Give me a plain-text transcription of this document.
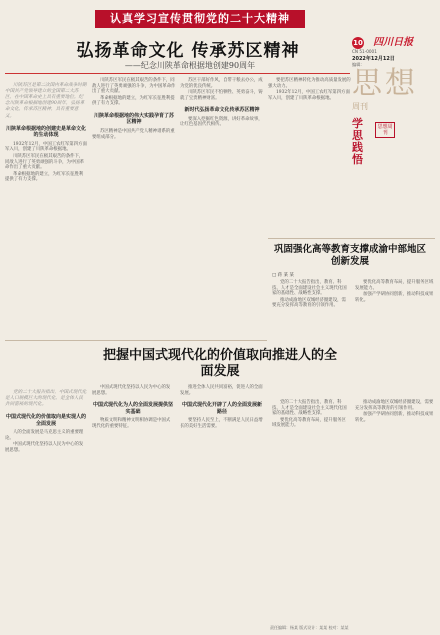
认真学习宣传贯彻党的二十大精神
弘扬革命文化 传承苏区精神
——纪念川陕革命根据地创建90周年

川陕苏区是第二次国内革命战争时期中国共产党领导建立的全国第二大苏区，在中国革命史上具有重要地位。纪念川陕革命根据地创建90周年，弘扬革命文化，传承苏区精神，具有重要意义。

川陕革命根据地的创建史是革命文化的生动体现

1932年12月，中国工农红军第四方面军入川，创建了川陕革命根据地。

川陕苏区军民在极其艰苦的条件下，同敌人进行了英勇顽强的斗争，为中国革命作出了重大贡献。

革命根据地的建立，为红军长征胜利提供了有力支撑。

川陕苏区军民在极其艰苦的条件下，同敌人进行了英勇顽强的斗争，为中国革命作出了重大贡献。

革命根据地的建立，为红军长征胜利提供了有力支撑。

川陕革命根据地的伟大实践孕育了苏区精神

苏区精神是中国共产党人精神谱系的重要组成部分。

苏区干部好作风，自带干粮去办公，成为党的优良传统。

川陕苏区军民不怕牺牲、英勇奋斗，铸就了宝贵精神财富。

新时代弘扬革命文化传承苏区精神

要深入挖掘红色资源，讲好革命故事，让红色基因代代相传。

要把苏区精神转化为推动高质量发展的强大动力。

1932年12月，中国工农红军第四方面军入川，创建了川陕革命根据地。

10 四川日报
CN 51-0001
2022年12月12日
编辑：
思想
周刊
学思践悟 思想周刊
巩固强化高等教育支撑成渝中部地区创新发展
□ 蒋 某 某

党的二十大报告指出，教育、科技、人才是全面建设社会主义现代化国家的基础性、战略性支撑。

推动成渝地区双城经济圈建设，需要充分发挥高等教育的引领作用。

要优化高等教育布局，提升服务区域发展能力。

加强产学研协同创新，推动科技成果转化。

把握中国式现代化的价值取向推进人的全面发展

党的二十大报告指出，中国式现代化是人口规模巨大的现代化，是全体人民共同富裕的现代化。

中国式现代化的价值取向是实现人的全面发展

人的全面发展是马克思主义的重要理论。

中国式现代化坚持以人民为中心的发展思想。

中国式现代化坚持以人民为中心的发展思想。

中国式现代化为人的全面发展提供坚实基础

物质文明和精神文明相协调是中国式现代化的重要特征。

推进全体人民共同富裕，促进人的全面发展。

中国式现代化开辟了人的全面发展新路径

要坚持人民至上，不断满足人民日益增长的美好生活需要。

党的二十大报告指出，教育、科技、人才是全面建设社会主义现代化国家的基础性、战略性支撑。

要优化高等教育布局，提升服务区域发展能力。

推动成渝地区双城经济圈建设，需要充分发挥高等教育的引领作用。

加强产学研协同创新，推动科技成果转化。

责任编辑：杨某 版式设计：某某 校对：某某
